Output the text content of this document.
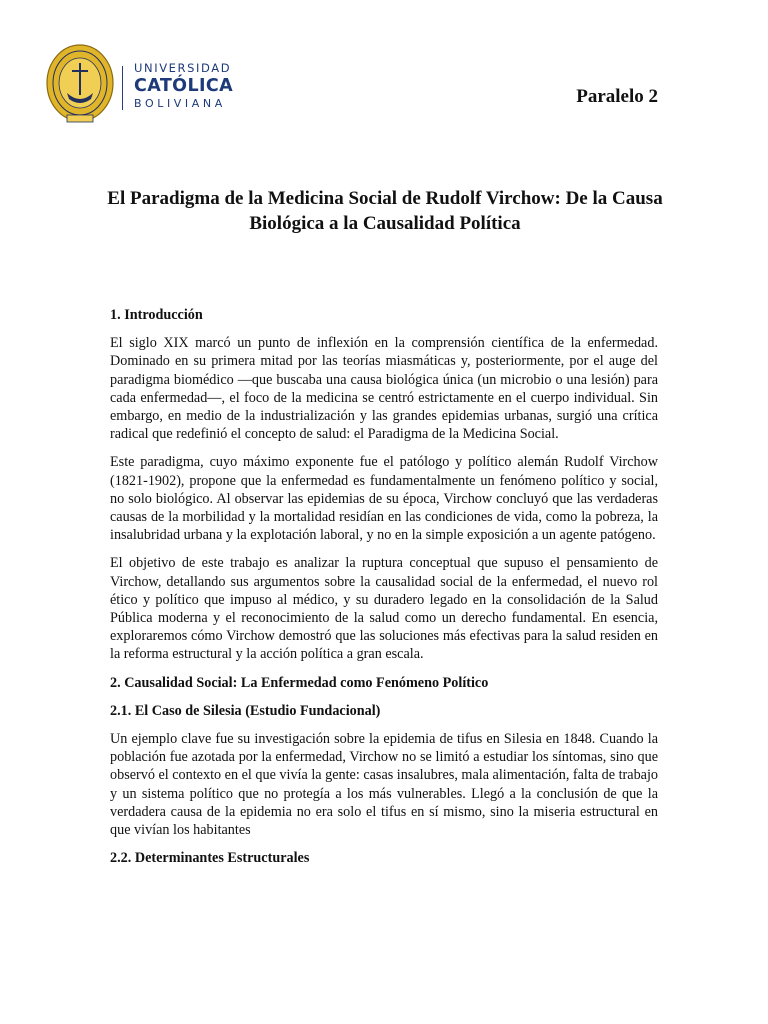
UNIVERSIDAD
CATÓLICA
BOLIVIANA	Paralelo 2
El Paradigma de la Medicina Social de Rudolf Virchow: De la Causa Biológica a la Causalidad Política
1. Introducción

El siglo XIX marcó un punto de inflexión en la comprensión científica de la enfermedad. Dominado en su primera mitad por las teorías miasmáticas y, posteriormente, por el auge del paradigma biomédico —que buscaba una causa biológica única (un microbio o una lesión) para cada enfermedad—, el foco de la medicina se centró estrictamente en el cuerpo individual. Sin embargo, en medio de la industrialización y las grandes epidemias urbanas, surgió una crítica radical que redefinió el concepto de salud: el Paradigma de la Medicina Social.

Este paradigma, cuyo máximo exponente fue el patólogo y político alemán Rudolf Virchow (1821-1902), propone que la enfermedad es fundamentalmente un fenómeno político y social, no solo biológico. Al observar las epidemias de su época, Virchow concluyó que las verdaderas causas de la morbilidad y la mortalidad residían en las condiciones de vida, como la pobreza, la insalubridad urbana y la explotación laboral, y no en la simple exposición a un agente patógeno.

El objetivo de este trabajo es analizar la ruptura conceptual que supuso el pensamiento de Virchow, detallando sus argumentos sobre la causalidad social de la enfermedad, el nuevo rol ético y político que impuso al médico, y su duradero legado en la consolidación de la Salud Pública moderna y el reconocimiento de la salud como un derecho fundamental. En esencia, exploraremos cómo Virchow demostró que las soluciones más efectivas para la salud residen en la reforma estructural y la acción política a gran escala.

2. Causalidad Social: La Enfermedad como Fenómeno Político
2.1. El Caso de Silesia (Estudio Fundacional)

Un ejemplo clave fue su investigación sobre la epidemia de tifus en Silesia en 1848. Cuando la población fue azotada por la enfermedad, Virchow no se limitó a estudiar los síntomas, sino que observó el contexto en el que vivía la gente: casas insalubres, mala alimentación, falta de trabajo y un sistema político que no protegía a los más vulnerables. Llegó a la conclusión de que la verdadera causa de la epidemia no era solo el tifus en sí mismo, sino la miseria estructural en que vivían los habitantes

2.2. Determinantes Estructurales
